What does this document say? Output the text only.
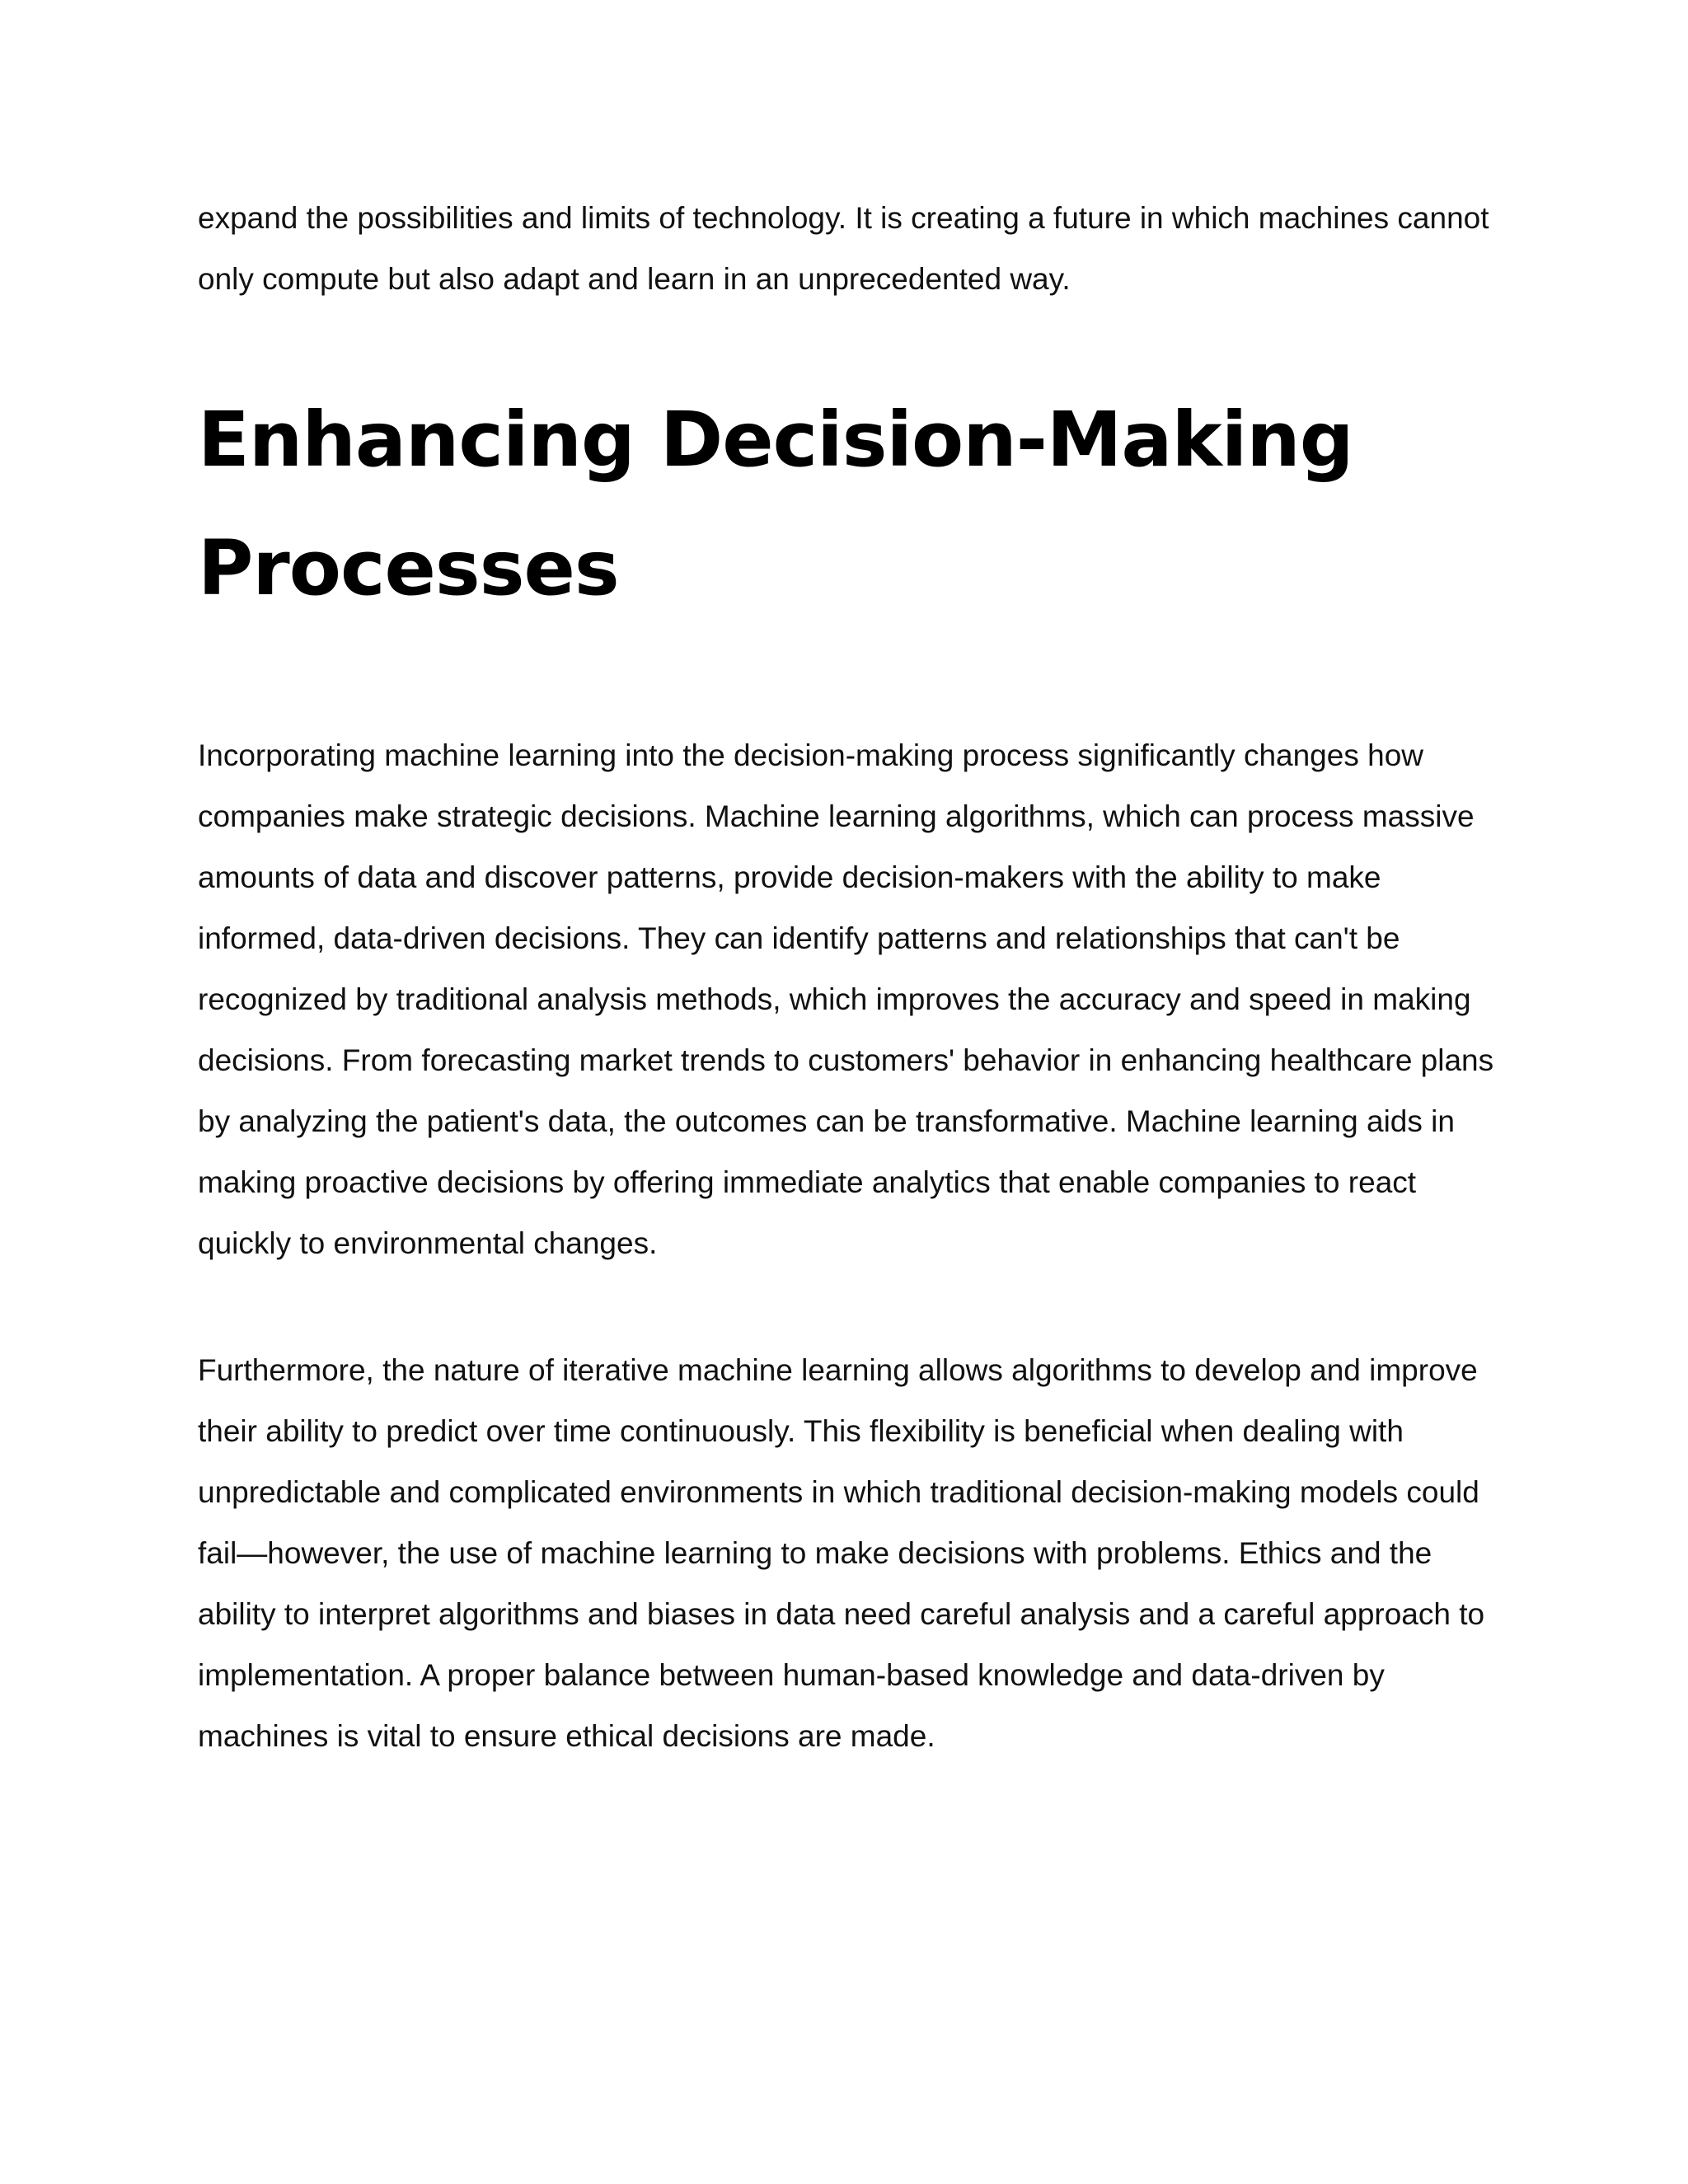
expand the possibilities and limits of technology. It is creating a future in which machines cannot only compute but also adapt and learn in an unprecedented way.

Enhancing Decision-Making Processes

Incorporating machine learning into the decision-making process significantly changes how companies make strategic decisions. Machine learning algorithms, which can process massive amounts of data and discover patterns, provide decision-makers with the ability to make informed, data-driven decisions. They can identify patterns and relationships that can't be recognized by traditional analysis methods, which improves the accuracy and speed in making decisions. From forecasting market trends to customers' behavior in enhancing healthcare plans by analyzing the patient's data, the outcomes can be transformative. Machine learning aids in making proactive decisions by offering immediate analytics that enable companies to react quickly to environmental changes.

Furthermore, the nature of iterative machine learning allows algorithms to develop and improve their ability to predict over time continuously. This flexibility is beneficial when dealing with unpredictable and complicated environments in which traditional decision-making models could fail—however, the use of machine learning to make decisions with problems. Ethics and the ability to interpret algorithms and biases in data need careful analysis and a careful approach to implementation. A proper balance between human-based knowledge and data-driven by machines is vital to ensure ethical decisions are made.
